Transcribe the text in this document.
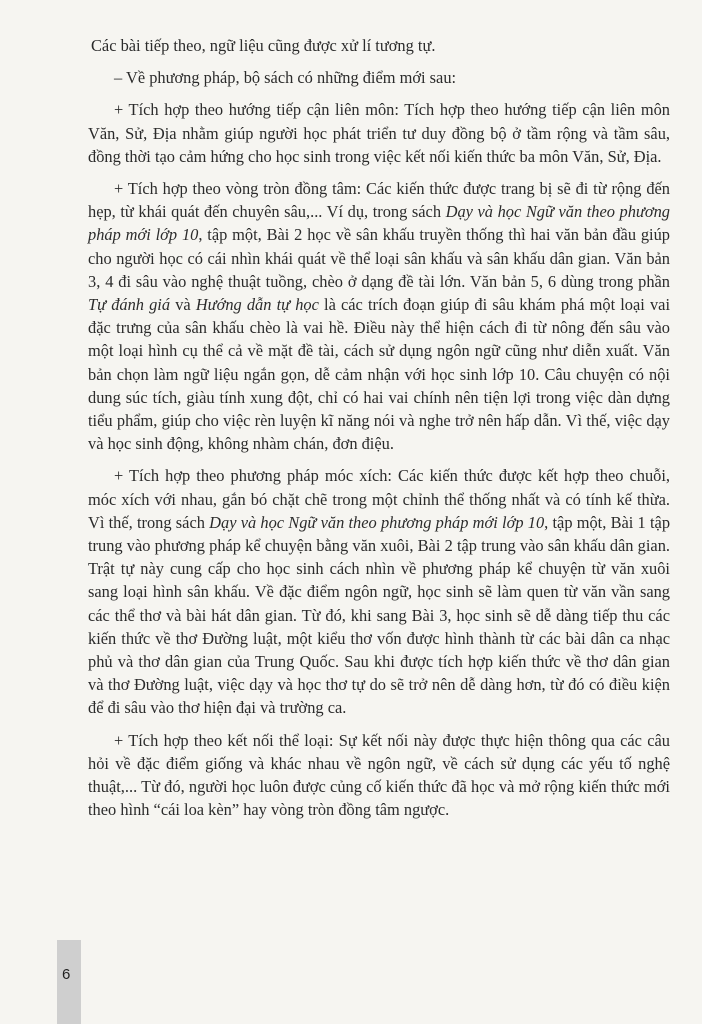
Các bài tiếp theo, ngữ liệu cũng được xử lí tương tự.

– Về phương pháp, bộ sách có những điểm mới sau:

+ Tích hợp theo hướng tiếp cận liên môn: Tích hợp theo hướng tiếp cận liên môn Văn, Sử, Địa nhằm giúp người học phát triển tư duy đồng bộ ở tầm rộng và tầm sâu, đồng thời tạo cảm hứng cho học sinh trong việc kết nối kiến thức ba môn Văn, Sử, Địa.

+ Tích hợp theo vòng tròn đồng tâm: Các kiến thức được trang bị sẽ đi từ rộng đến hẹp, từ khái quát đến chuyên sâu,... Ví dụ, trong sách Dạy và học Ngữ văn theo phương pháp mới lớp 10, tập một, Bài 2 học về sân khấu truyền thống thì hai văn bản đầu giúp cho người học có cái nhìn khái quát về thể loại sân khấu và sân khấu dân gian. Văn bản 3, 4 đi sâu vào nghệ thuật tuồng, chèo ở dạng đề tài lớn. Văn bản 5, 6 dùng trong phần Tự đánh giá và Hướng dẫn tự học là các trích đoạn giúp đi sâu khám phá một loại vai đặc trưng của sân khấu chèo là vai hề. Điều này thể hiện cách đi từ nông đến sâu vào một loại hình cụ thể cả về mặt đề tài, cách sử dụng ngôn ngữ cũng như diễn xuất. Văn bản chọn làm ngữ liệu ngắn gọn, dễ cảm nhận với học sinh lớp 10. Câu chuyện có nội dung súc tích, giàu tính xung đột, chỉ có hai vai chính nên tiện lợi trong việc dàn dựng tiểu phẩm, giúp cho việc rèn luyện kĩ năng nói và nghe trở nên hấp dẫn. Vì thế, việc dạy và học sinh động, không nhàm chán, đơn điệu.

+ Tích hợp theo phương pháp móc xích: Các kiến thức được kết hợp theo chuỗi, móc xích với nhau, gắn bó chặt chẽ trong một chỉnh thể thống nhất và có tính kế thừa. Vì thế, trong sách Dạy và học Ngữ văn theo phương pháp mới lớp 10, tập một, Bài 1 tập trung vào phương pháp kể chuyện bằng văn xuôi, Bài 2 tập trung vào sân khấu dân gian. Trật tự này cung cấp cho học sinh cách nhìn về phương pháp kể chuyện từ văn xuôi sang loại hình sân khấu. Về đặc điểm ngôn ngữ, học sinh sẽ làm quen từ văn vần sang các thể thơ và bài hát dân gian. Từ đó, khi sang Bài 3, học sinh sẽ dễ dàng tiếp thu các kiến thức về thơ Đường luật, một kiểu thơ vốn được hình thành từ các bài dân ca nhạc phủ và thơ dân gian của Trung Quốc. Sau khi được tích hợp kiến thức về thơ dân gian và thơ Đường luật, việc dạy và học thơ tự do sẽ trở nên dễ dàng hơn, từ đó có điều kiện để đi sâu vào thơ hiện đại và trường ca.

+ Tích hợp theo kết nối thể loại: Sự kết nối này được thực hiện thông qua các câu hỏi về đặc điểm giống và khác nhau về ngôn ngữ, về cách sử dụng các yếu tố nghệ thuật,... Từ đó, người học luôn được củng cố kiến thức đã học và mở rộng kiến thức mới theo hình “cái loa kèn” hay vòng tròn đồng tâm ngược.

6
